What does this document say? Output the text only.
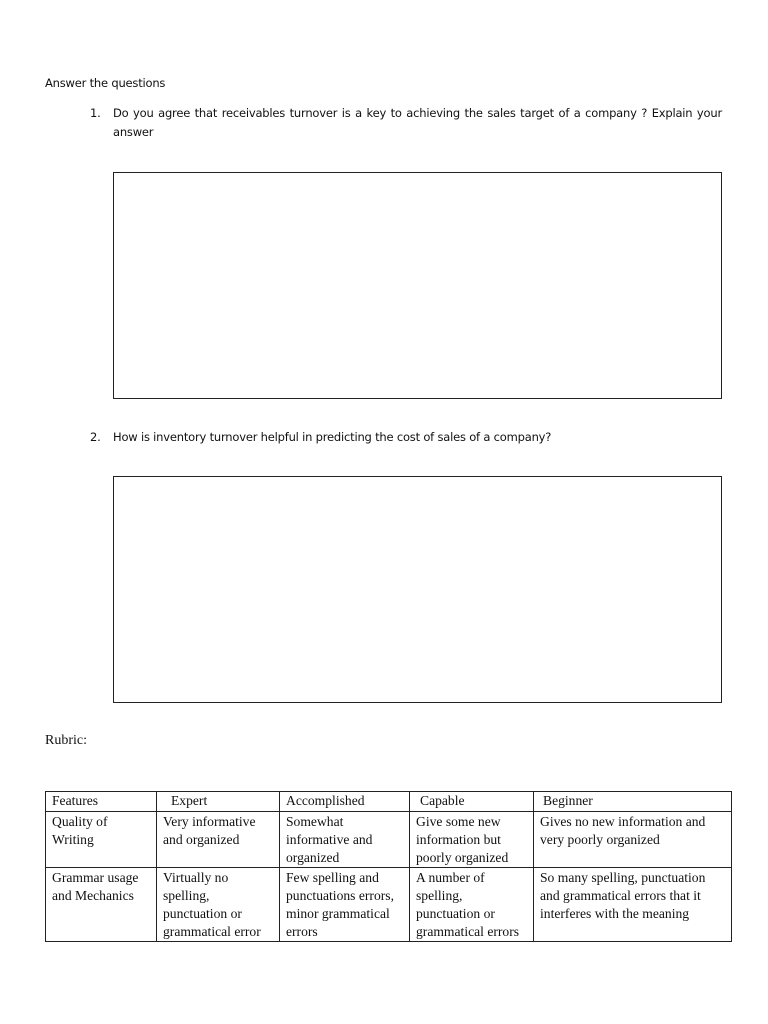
Answer the questions
1. Do you agree that receivables turnover is a key to achieving the sales target of a company ? Explain your answer
2. How is inventory turnover helpful in predicting the cost of sales of a company?
Rubric:
Features	Expert	Accomplished	Capable	Beginner
Quality of Writing	Very informative and organized	Somewhat informative and organized	Give some new information but poorly organized	Gives no new information and very poorly organized
Grammar usage and Mechanics	Virtually no spelling, punctuation or grammatical error	Few spelling and punctuations errors, minor grammatical errors	A number of spelling, punctuation or grammatical errors	So many spelling, punctuation and grammatical errors that it interferes with the meaning
